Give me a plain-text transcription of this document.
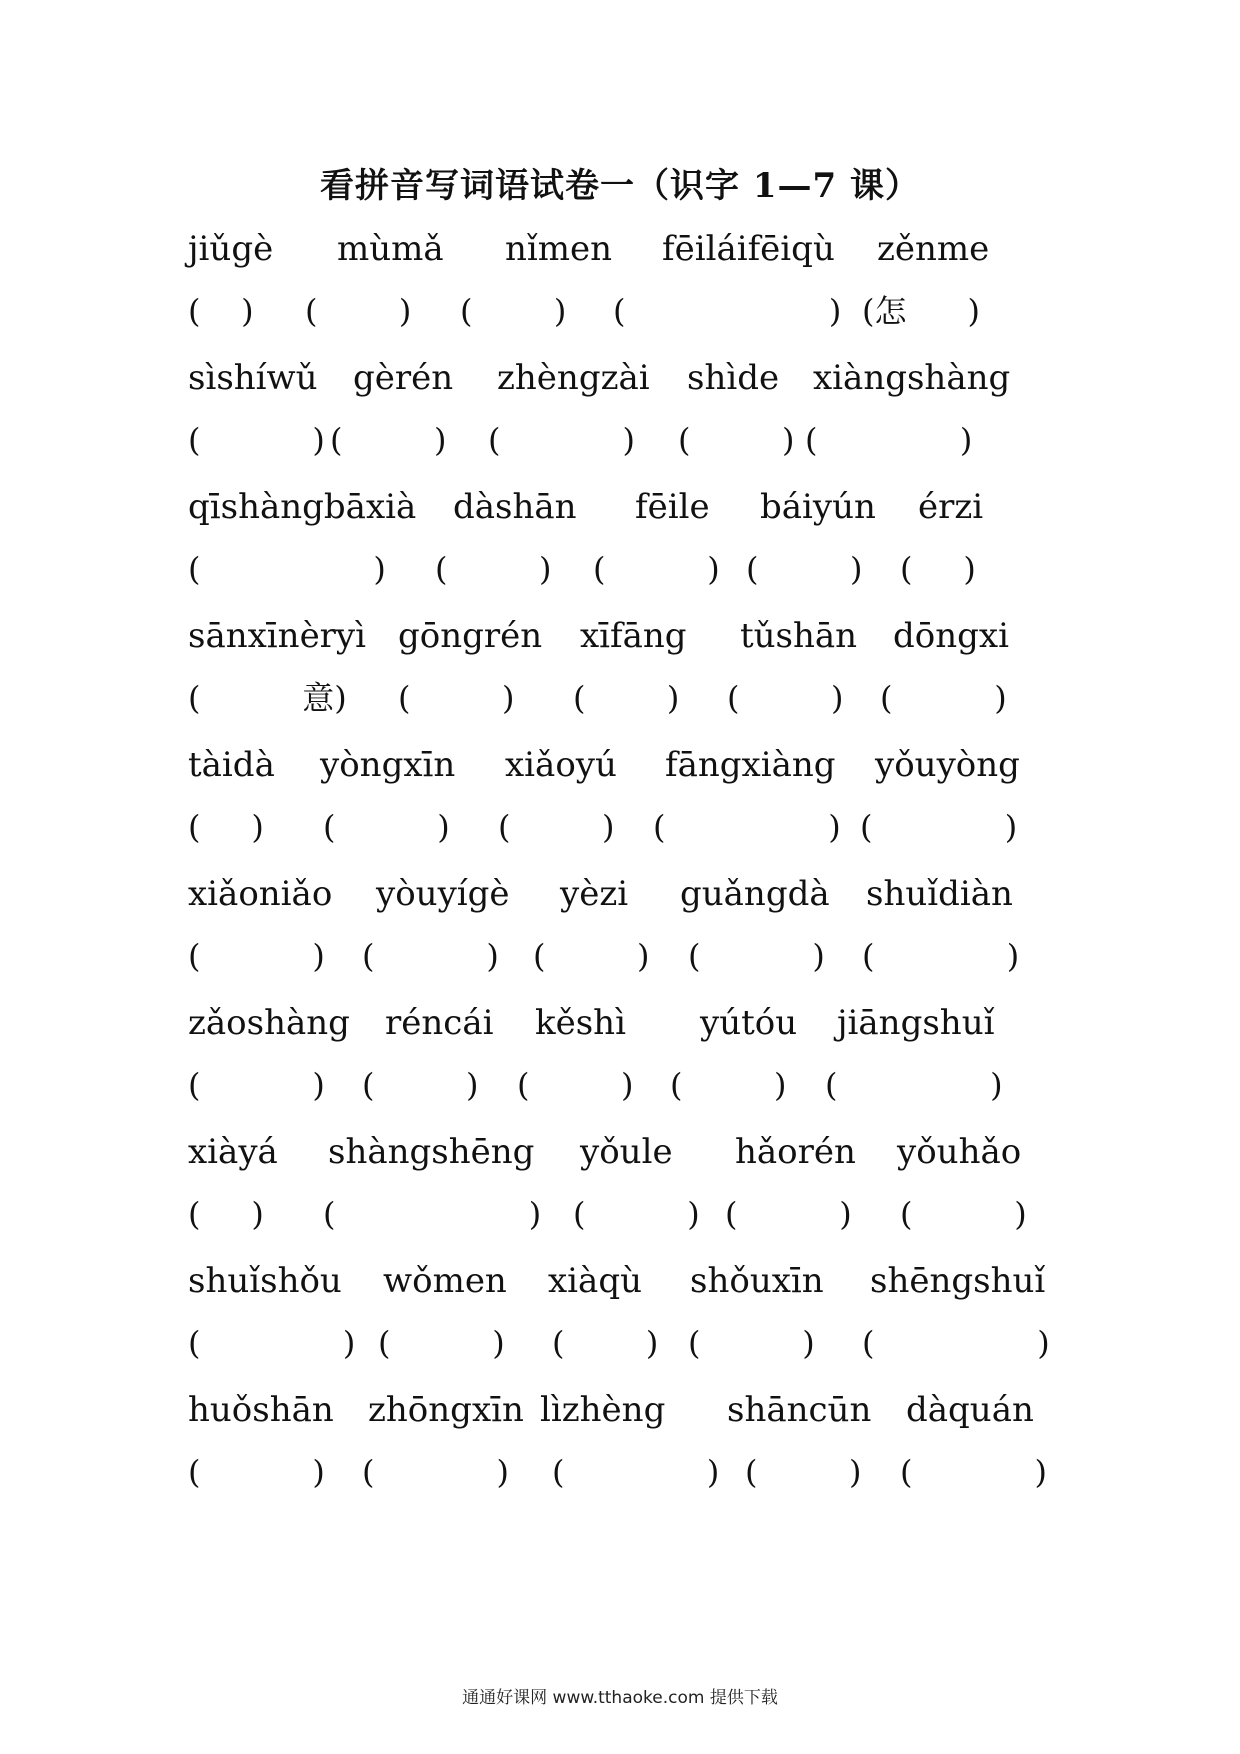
看拼音写词语试卷一（识字 1—7 课）
jiǔgè mùmǎ nǐmen fēiláifēiqù zěnme
(    ) (        ) (        ) (                    ) (怎      )
sìshíwǔ gèrén zhèngzài shìde xiàngshàng
(           ) (         ) (            ) (         ) (              )
qīshàngbāxià dàshān fēile báiyún érzi
(                 ) (         ) (          ) (         ) (     )
sānxīnèryì gōngrén xīfāng tǔshān dōngxi
(          意) (         ) (        ) (         ) (          )
tàidà yòngxīn xiǎoyú fāngxiàng yǒuyòng
(     ) (          ) (         ) (                ) (             )
xiǎoniǎo yòuyígè yèzi guǎngdà shuǐdiàn
(           ) (           ) (         ) (           ) (             )
zǎoshàng réncái kěshì yútóu jiāngshuǐ
(           ) (         ) (         ) (         ) (               )
xiàyá shàngshēng yǒule hǎorén yǒuhǎo
(     ) (                   ) (          ) (          ) (          )
shuǐshǒu wǒmen xiàqù shǒuxīn shēngshuǐ
(              ) (          ) (        ) (          ) (                )
huǒshān zhōngxīn lìzhèng shāncūn dàquán
(           ) (            ) (              ) (         ) (            )
通通好课网 www.tthaoke.com 提供下载
